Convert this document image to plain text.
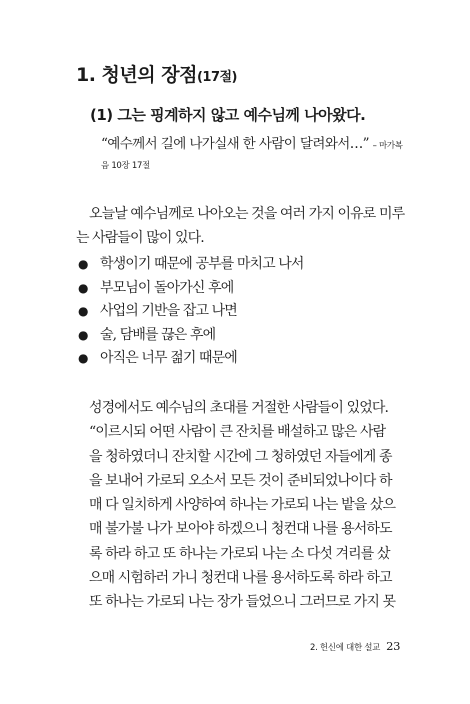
1. 청년의 장점(17절)
(1) 그는 핑계하지 않고 예수님께 나아왔다.
“예수께서 길에 나가실새 한 사람이 달려와서…” – 마가복
음 10장 17절
오늘날 예수님께로 나아오는 것을 여러 가지 이유로 미루
는 사람들이 많이 있다.
● 학생이기 때문에 공부를 마치고 나서
● 부모님이 돌아가신 후에
● 사업의 기반을 잡고 나면
● 술, 담배를 끊은 후에
● 아직은 너무 젊기 때문에
성경에서도 예수님의 초대를 거절한 사람들이 있었다.
“이르시되 어떤 사람이 큰 잔치를 배설하고 많은 사람
을 청하였더니 잔치할 시간에 그 청하였던 자들에게 종
을 보내어 가로되 오소서 모든 것이 준비되었나이다 하
매 다 일치하게 사양하여 하나는 가로되 나는 밭을 샀으
매 불가불 나가 보아야 하겠으니 청컨대 나를 용서하도
록 하라 하고 또 하나는 가로되 나는 소 다섯 겨리를 샀
으매 시험하러 가니 청컨대 나를 용서하도록 하라 하고
또 하나는 가로되 나는 장가 들었으니 그러므로 가지 못
2. 헌신에 대한 설교 23
